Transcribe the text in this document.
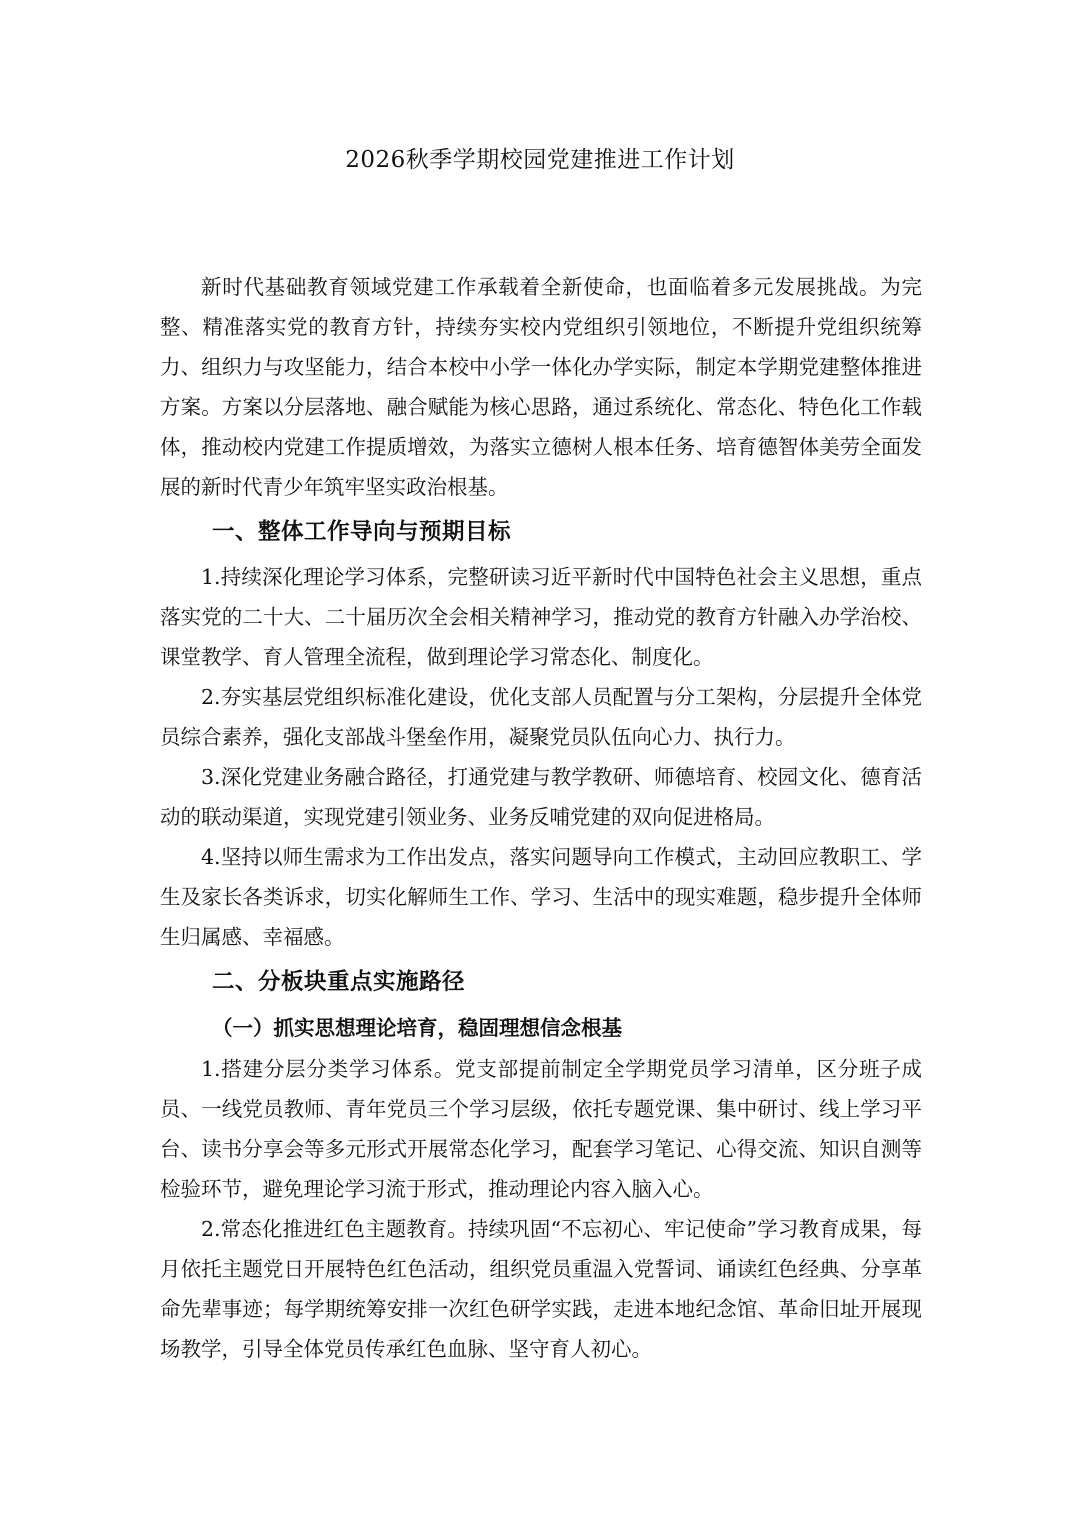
2026秋季学期校园党建推进工作计划

新时代基础教育领域党建工作承载着全新使命，也面临着多元发展挑战。为完整、精准落实党的教育方针，持续夯实校内党组织引领地位，不断提升党组织统筹力、组织力与攻坚能力，结合本校中小学一体化办学实际，制定本学期党建整体推进方案。方案以分层落地、融合赋能为核心思路，通过系统化、常态化、特色化工作载体，推动校内党建工作提质增效，为落实立德树人根本任务、培育德智体美劳全面发展的新时代青少年筑牢坚实政治根基。

一、整体工作导向与预期目标

1.持续深化理论学习体系，完整研读习近平新时代中国特色社会主义思想，重点落实党的二十大、二十届历次全会相关精神学习，推动党的教育方针融入办学治校、课堂教学、育人管理全流程，做到理论学习常态化、制度化。

2.夯实基层党组织标准化建设，优化支部人员配置与分工架构，分层提升全体党员综合素养，强化支部战斗堡垒作用，凝聚党员队伍向心力、执行力。

3.深化党建业务融合路径，打通党建与教学教研、师德培育、校园文化、德育活动的联动渠道，实现党建引领业务、业务反哺党建的双向促进格局。

4.坚持以师生需求为工作出发点，落实问题导向工作模式，主动回应教职工、学生及家长各类诉求，切实化解师生工作、学习、生活中的现实难题，稳步提升全体师生归属感、幸福感。

二、分板块重点实施路径
（一）抓实思想理论培育，稳固理想信念根基

1.搭建分层分类学习体系。党支部提前制定全学期党员学习清单，区分班子成员、一线党员教师、青年党员三个学习层级，依托专题党课、集中研讨、线上学习平台、读书分享会等多元形式开展常态化学习，配套学习笔记、心得交流、知识自测等检验环节，避免理论学习流于形式，推动理论内容入脑入心。

2.常态化推进红色主题教育。持续巩固“不忘初心、牢记使命”学习教育成果，每月依托主题党日开展特色红色活动，组织党员重温入党誓词、诵读红色经典、分享革命先辈事迹；每学期统筹安排一次红色研学实践，走进本地纪念馆、革命旧址开展现场教学，引导全体党员传承红色血脉、坚守育人初心。
